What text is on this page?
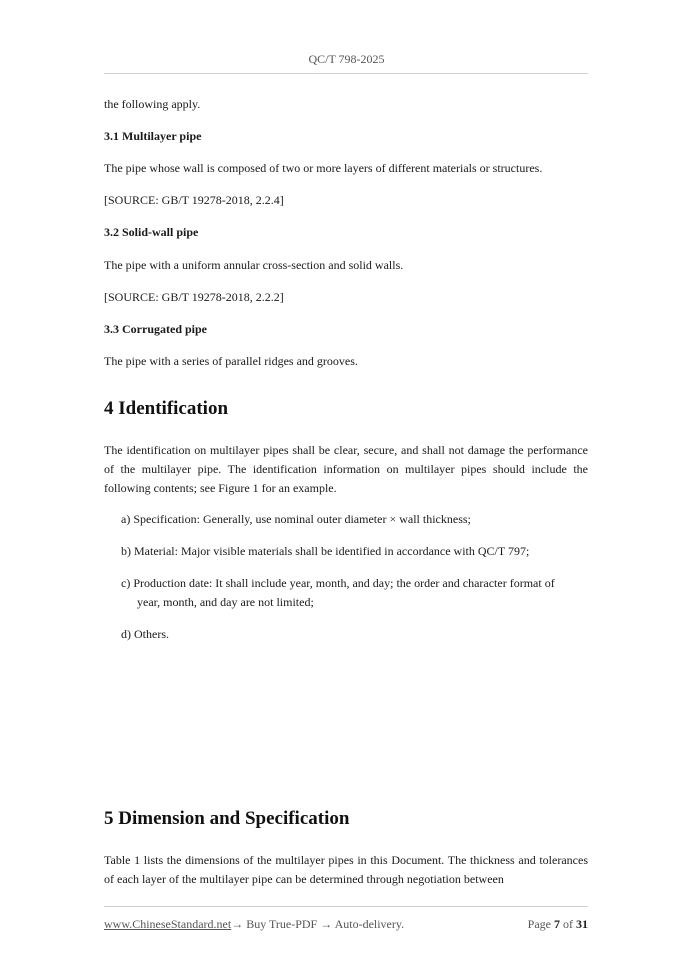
QC/T 798-2025
the following apply.
3.1 Multilayer pipe
The pipe whose wall is composed of two or more layers of different materials or structures.
[SOURCE: GB/T 19278-2018, 2.2.4]
3.2 Solid-wall pipe
The pipe with a uniform annular cross-section and solid walls.
[SOURCE: GB/T 19278-2018, 2.2.2]
3.3 Corrugated pipe
The pipe with a series of parallel ridges and grooves.
4 Identification
The identification on multilayer pipes shall be clear, secure, and shall not damage the performance of the multilayer pipe. The identification information on multilayer pipes should include the following contents; see Figure 1 for an example.
a) Specification: Generally, use nominal outer diameter × wall thickness;
b) Material: Major visible materials shall be identified in accordance with QC/T 797;
c) Production date: It shall include year, month, and day; the order and character format of
year, month, and day are not limited;
d) Others.
5 Dimension and Specification
Table 1 lists the dimensions of the multilayer pipes in this Document. The thickness and tolerances of each layer of the multilayer pipe can be determined through negotiation between
www.ChineseStandard.net→ Buy True-PDF → Auto-delivery.	Page 7 of 31
